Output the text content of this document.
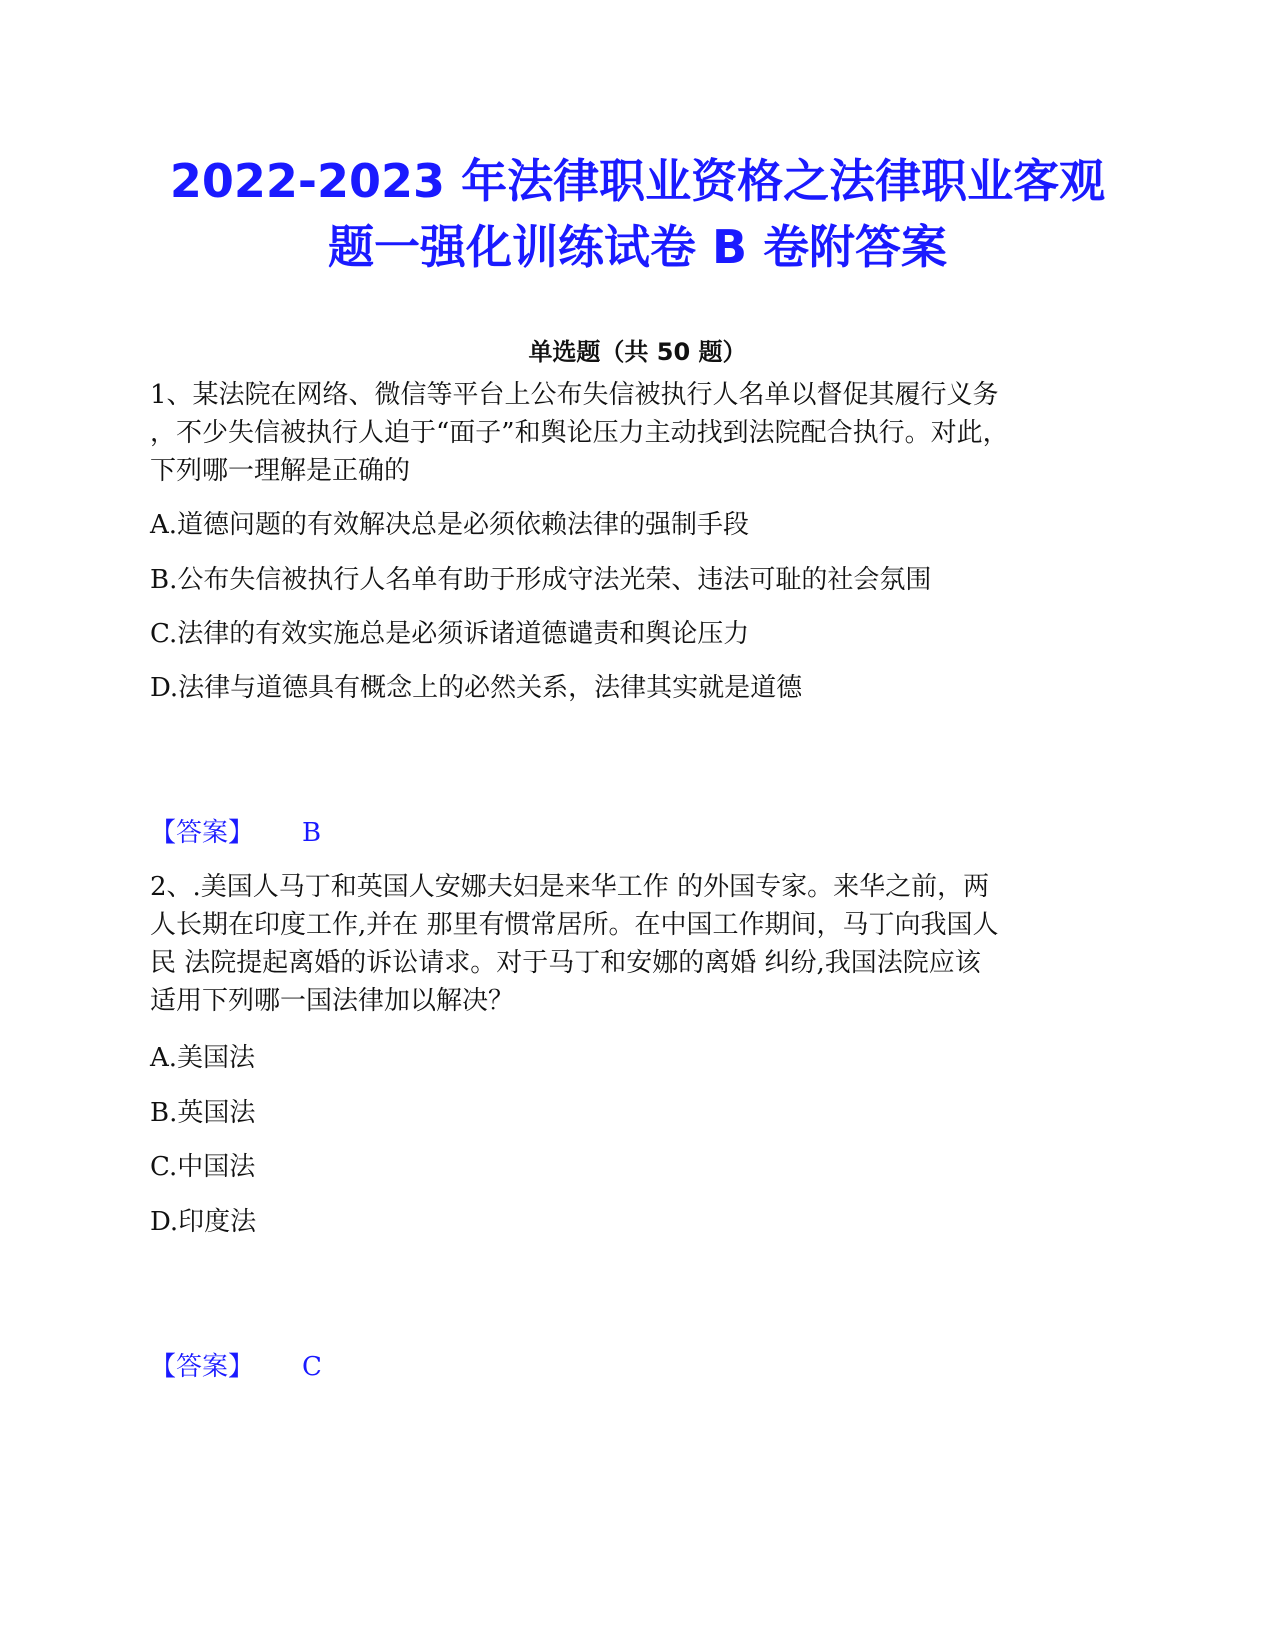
2022-2023 年法律职业资格之法律职业客观
题一强化训练试卷 B 卷附答案
单选题（共 50 题）

1、某法院在网络、微信等平台上公布失信被执行人名单以督促其履行义务

，不少失信被执行人迫于“面子”和舆论压力主动找到法院配合执行。对此，

下列哪一理解是正确的

A.道德问题的有效解决总是必须依赖法律的强制手段
B.公布失信被执行人名单有助于形成守法光荣、违法可耻的社会氛围
C.法律的有效实施总是必须诉诸道德谴责和舆论压力
D.法律与道德具有概念上的必然关系，法律其实就是道德
【答案】 B

2、.美国人马丁和英国人安娜夫妇是来华工作 的外国专家。来华之前，两

人长期在印度工作,并在 那里有惯常居所。在中国工作期间，马丁向我国人

民 法院提起离婚的诉讼请求。对于马丁和安娜的离婚 纠纷,我国法院应该

适用下列哪一国法律加以解决？

A.美国法
B.英国法
C.中国法
D.印度法
【答案】 C
